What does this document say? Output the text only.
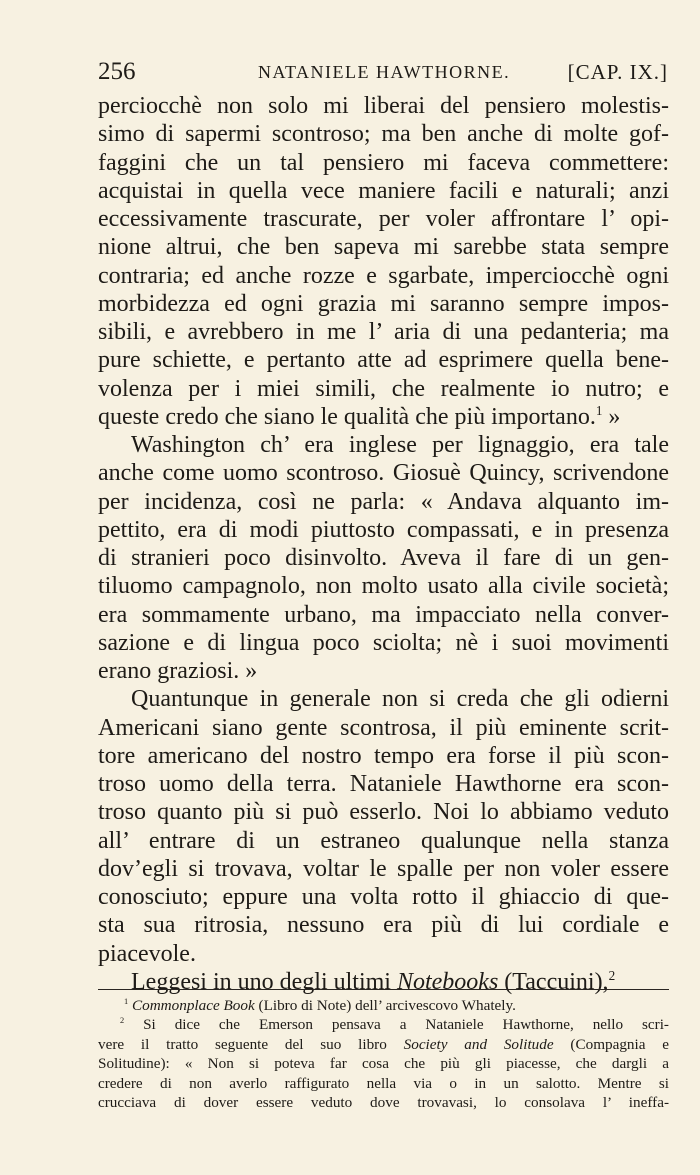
256	NATANIELE HAWTHORNE.	[CAP. IX.]
perciocchè non solo mi liberai del pensiero molestis-
simo di sapermi scontroso; ma ben anche di molte gof-
faggini che un tal pensiero mi faceva commettere:
acquistai in quella vece maniere facili e naturali; anzi
eccessivamente trascurate, per voler affrontare l’ opi-
nione altrui, che ben sapeva mi sarebbe stata sempre
contraria; ed anche rozze e sgarbate, imperciocchè ogni
morbidezza ed ogni grazia mi saranno sempre impos-
sibili, e avrebbero in me l’ aria di una pedanteria; ma
pure schiette, e pertanto atte ad esprimere quella bene-
volenza per i miei simili, che realmente io nutro; e
queste credo che siano le qualità che più importano.$^1$ »
Washington ch’ era inglese per lignaggio, era tale
anche come uomo scontroso. Giosuè Quincy, scrivendone
per incidenza, così ne parla: « Andava alquanto im-
pettito, era di modi piuttosto compassati, e in presenza
di stranieri poco disinvolto. Aveva il fare di un gen-
tiluomo campagnolo, non molto usato alla civile società;
era sommamente urbano, ma impacciato nella conver-
sazione e di lingua poco sciolta; nè i suoi movimenti
erano graziosi. »
Quantunque in generale non si creda che gli odierni
Americani siano gente scontrosa, il più eminente scrit-
tore americano del nostro tempo era forse il più scon-
troso uomo della terra. Nataniele Hawthorne era scon-
troso quanto più si può esserlo. Noi lo abbiamo veduto
all’ entrare di un estraneo qualunque nella stanza
dov’egli si trovava, voltar le spalle per non voler essere
conosciuto; eppure una volta rotto il ghiaccio di que-
sta sua ritrosia, nessuno era più di lui cordiale e
piacevole.
Leggesi in uno degli ultimi Notebooks (Taccuini),$^2$
$^1$ Commonplace Book (Libro di Note) dell’ arcivescovo Whately.
$^2$ Si dice che Emerson pensava a Nataniele Hawthorne, nello scri-
vere il tratto seguente del suo libro Society and Solitude (Compagnia e
Solitudine): « Non si poteva far cosa che più gli piacesse, che dargli a
credere di non averlo raffigurato nella via o in un salotto. Mentre si
crucciava di dover essere veduto dove trovavasi, lo consolava l’ ineffa-
